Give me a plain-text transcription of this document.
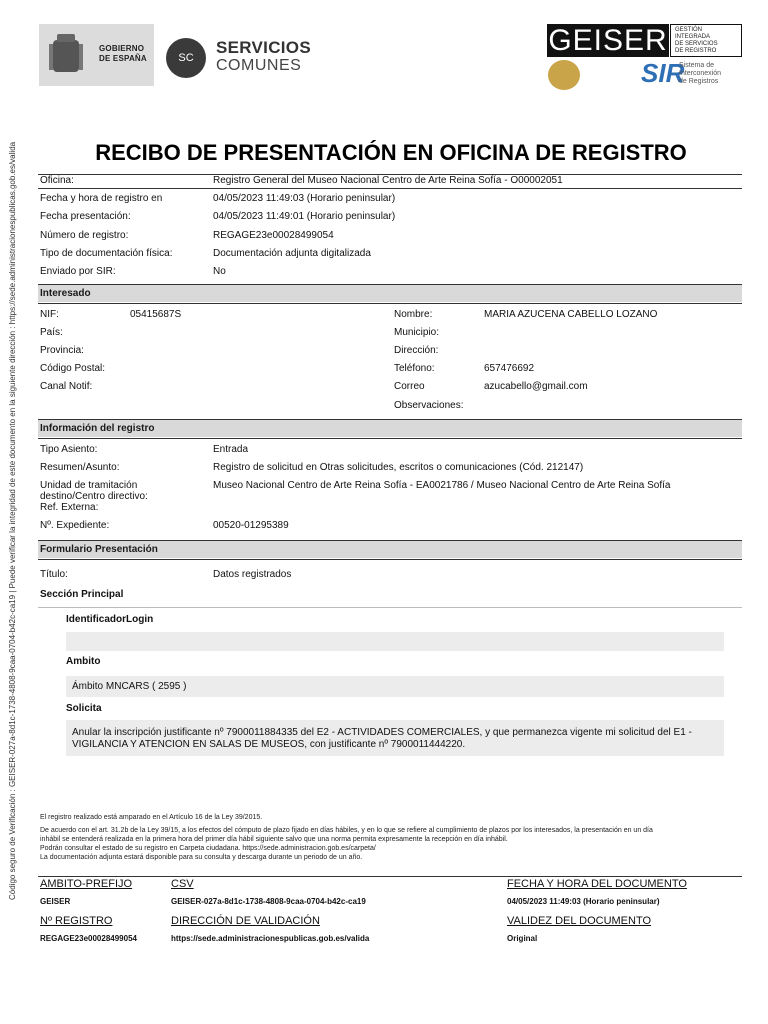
GOBIERNO
DE ESPAÑA	SC
SERVICIOS
COMUNES
GEISER GESTIÓN
INTEGRADA
DE SERVICIOS
DE REGISTRO
SIR
Sistema de
Interconexión
de Registros
Código seguro de Verificación : GEISER-027a-8d1c-1738-4808-9caa-0704-b42c-ca19 | Puede verificar la integridad de este documento en la siguiente dirección : https://sede.administracionespublicas.gob.es/valida	RECIBO DE PRESENTACIÓN EN OFICINA DE REGISTRO
Oficina:	Registro General del Museo Nacional Centro de Arte Reina Sofía - O00002051
Fecha y hora de registro en	04/05/2023 11:49:03 (Horario peninsular)
Fecha presentación:	04/05/2023 11:49:01 (Horario peninsular)
Número de registro:	REGAGE23e00028499054
Tipo de documentación física:	Documentación adjunta digitalizada
Enviado por SIR:	No
Interesado
NIF:	05415687S
País:
Provincia:
Código Postal:
Canal Notif:
Nombre:	MARIA AZUCENA CABELLO LOZANO
Municipio:
Dirección:
Teléfono:	657476692
Correo	azucabello@gmail.com
Observaciones:
Información del registro
Tipo Asiento:	Entrada
Resumen/Asunto:	Registro de solicitud en Otras solicitudes, escritos o comunicaciones (Cód. 212147)
Unidad de tramitación
destino/Centro directivo:
Ref. Externa:
Museo Nacional Centro de Arte Reina Sofía - EA0021786 / Museo Nacional Centro de Arte Reina Sofía
Nº. Expediente:	00520-01295389
Formulario Presentación
Título:	Datos registrados
Sección Principal
IdentificadorLogin
Ambito
Ámbito MNCARS ( 2595 )
Solicita
Anular la inscripción justificante nº 7900011884335 del E2 - ACTIVIDADES COMERCIALES, y que permanezca vigente mi solicitud del E1 -
VIGILANCIA Y ATENCION EN SALAS DE MUSEOS, con justificante nº 7900011444220.
El registro realizado está amparado en el Artículo 16 de la Ley 39/2015.
De acuerdo con el art. 31.2b de la Ley 39/15, a los efectos del cómputo de plazo fijado en días hábiles, y en lo que se refiere al cumplimiento de plazos por los interesados, la presentación en un día
inhábil se entenderá realizada en la primera hora del primer día hábil siguiente salvo que una norma permita expresamente la recepción en día inhábil.
Podrán consultar el estado de su registro en Carpeta ciudadana. https://sede.administracion.gob.es/carpeta/
La documentación adjunta estará disponible para su consulta y descarga durante un periodo de un año.
AMBITO-PREFIJO	CSV	FECHA Y HORA DEL DOCUMENTO
GEISER	GEISER-027a-8d1c-1738-4808-9caa-0704-b42c-ca19	04/05/2023 11:49:03 (Horario peninsular)
Nº REGISTRO	DIRECCIÓN DE VALIDACIÓN	VALIDEZ DEL DOCUMENTO
REGAGE23e00028499054	https://sede.administracionespublicas.gob.es/valida	Original
